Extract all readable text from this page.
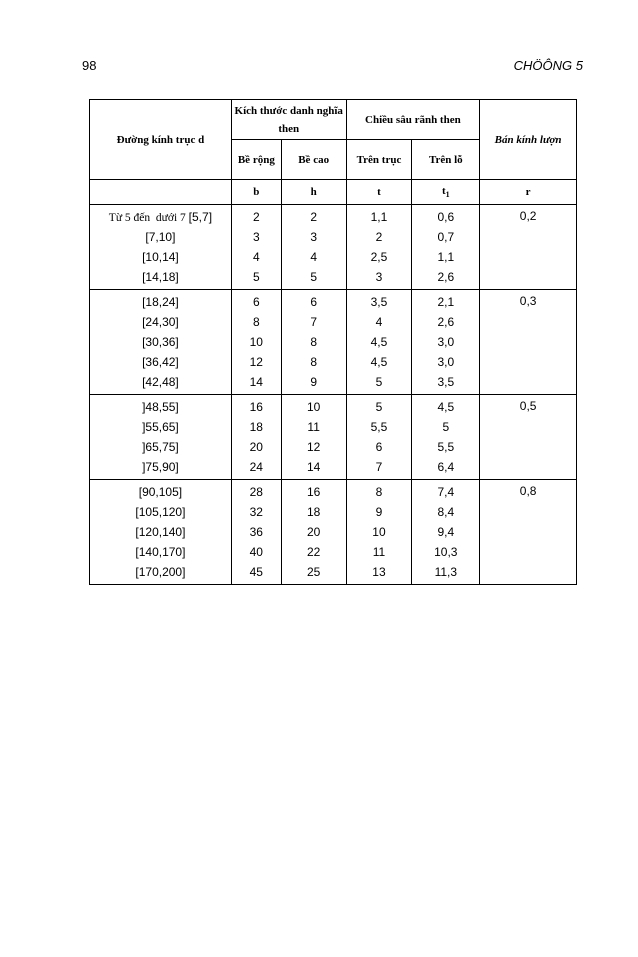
98	CHÖÔNG 5
Đường kính trục d	Kích thước danh nghĩa then		Chiều sâu rãnh then		Bán kính lượn
	Bề rộng	Bề cao	Trên trục	Trên lỗ	
	b	h	t	$t_1$	r
Từ 5 đến  dưới 7 [5,7]	2	2	1,1	0,6	0,2
[7,10]	3	3	2	0,7	
[10,14]	4	4	2,5	1,1	
[14,18]	5	5	3	2,6	
[18,24]	6	6	3,5	2,1	0,3
[24,30]	8	7	4	2,6	
[30,36]	10	8	4,5	3,0	
[36,42]	12	8	4,5	3,0	
[42,48]	14	9	5	3,5	
]48,55]	16	10	5	4,5	0,5
]55,65]	18	11	5,5	5	
]65,75]	20	12	6	5,5	
]75,90]	24	14	7	6,4	
[90,105]	28	16	8	7,4	0,8
[105,120]	32	18	9	8,4	
[120,140]	36	20	10	9,4	
[140,170]	40	22	11	10,3	
[170,200]	45	25	13	11,3	
